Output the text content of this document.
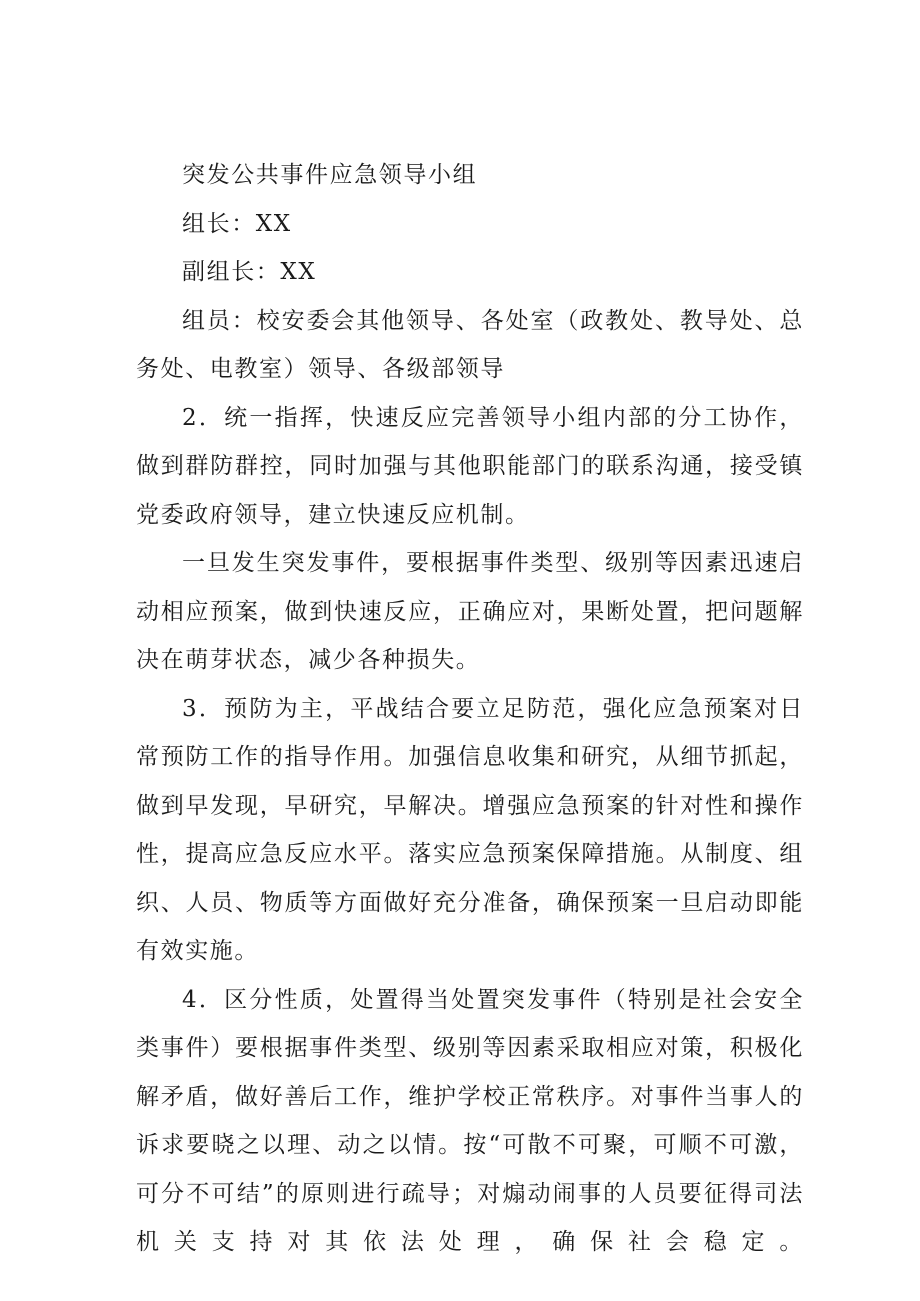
突发公共事件应急领导小组

组长：XX

副组长：XX

组员：校安委会其他领导、各处室（政教处、教导处、总务处、电教室）领导、各级部领导

2．统一指挥，快速反应完善领导小组内部的分工协作，做到群防群控，同时加强与其他职能部门的联系沟通，接受镇党委政府领导，建立快速反应机制。

一旦发生突发事件，要根据事件类型、级别等因素迅速启动相应预案，做到快速反应，正确应对，果断处置，把问题解决在萌芽状态，减少各种损失。

3．预防为主，平战结合要立足防范，强化应急预案对日常预防工作的指导作用。加强信息收集和研究，从细节抓起，做到早发现，早研究，早解决。增强应急预案的针对性和操作性，提高应急反应水平。落实应急预案保障措施。从制度、组织、人员、物质等方面做好充分准备，确保预案一旦启动即能有效实施。

4．区分性质，处置得当处置突发事件（特别是社会安全类事件）要根据事件类型、级别等因素采取相应对策，积极化解矛盾，做好善后工作，维护学校正常秩序。对事件当事人的诉求要晓之以理、动之以情。按“可散不可聚，可顺不可激，可分不可结”的原则进行疏导；对煽动闹事的人员要征得司法机关支持对其依法处理，确保社会稳定。
